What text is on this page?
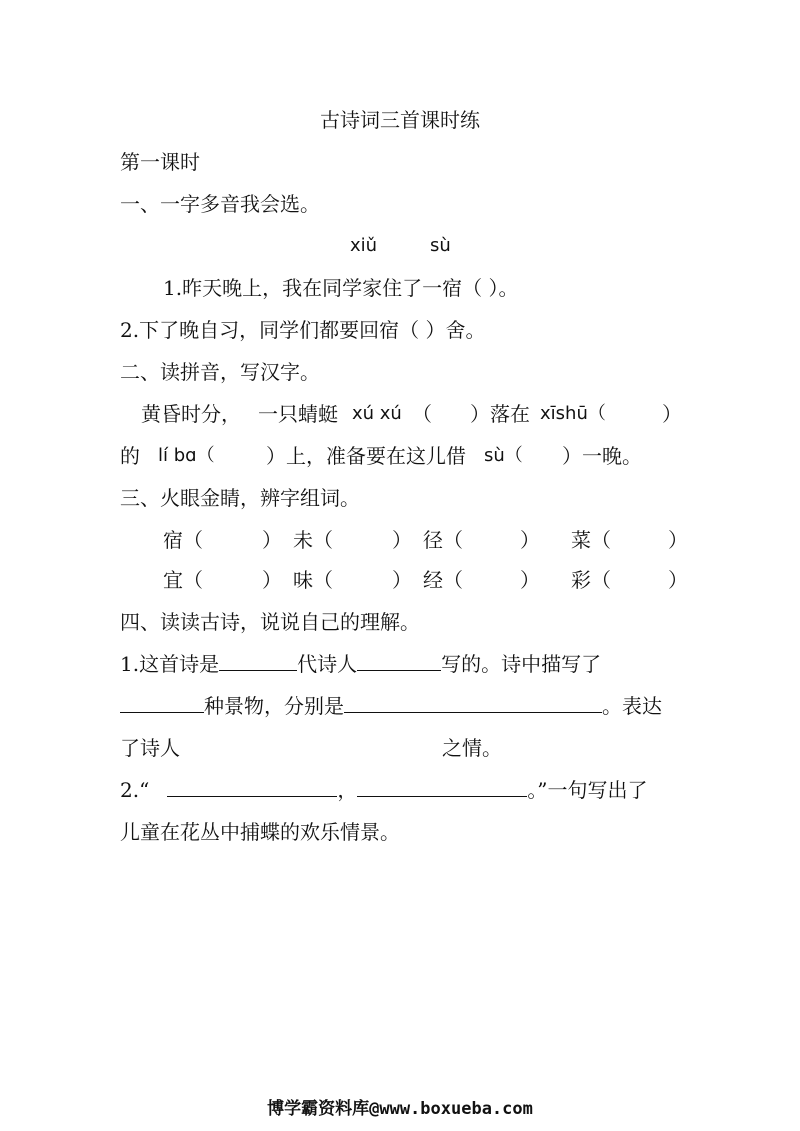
古诗词三首课时练
第一课时
一、一字多音我会选。
xiǔ	sù
1.昨天晚上，我在同学家住了一宿（ ）。
2.下了晚自习，同学们都要回宿（ ）舍。
二、读拼音，写汉字。
黄昏时分， 一只蜻蜓 xú xú （ ）落在 xīshū（	）
的 lí bɑ（	）上，准备要在这儿借 sù（ ）一晚。
三、火眼金睛，辨字组词。
宿（	） 未（	） 径（	） 菜（	）
宜（	） 味（	） 经（	） 彩（	）
四、读读古诗，说说自己的理解。
1.这首诗是	代诗人	写的。诗中描写了
种景物，分别是	。表达
了诗人	之情。
2.“	，	。”一句写出了
儿童在花丛中捕蝶的欢乐情景。
博学霸资料库@www.boxueba.com
